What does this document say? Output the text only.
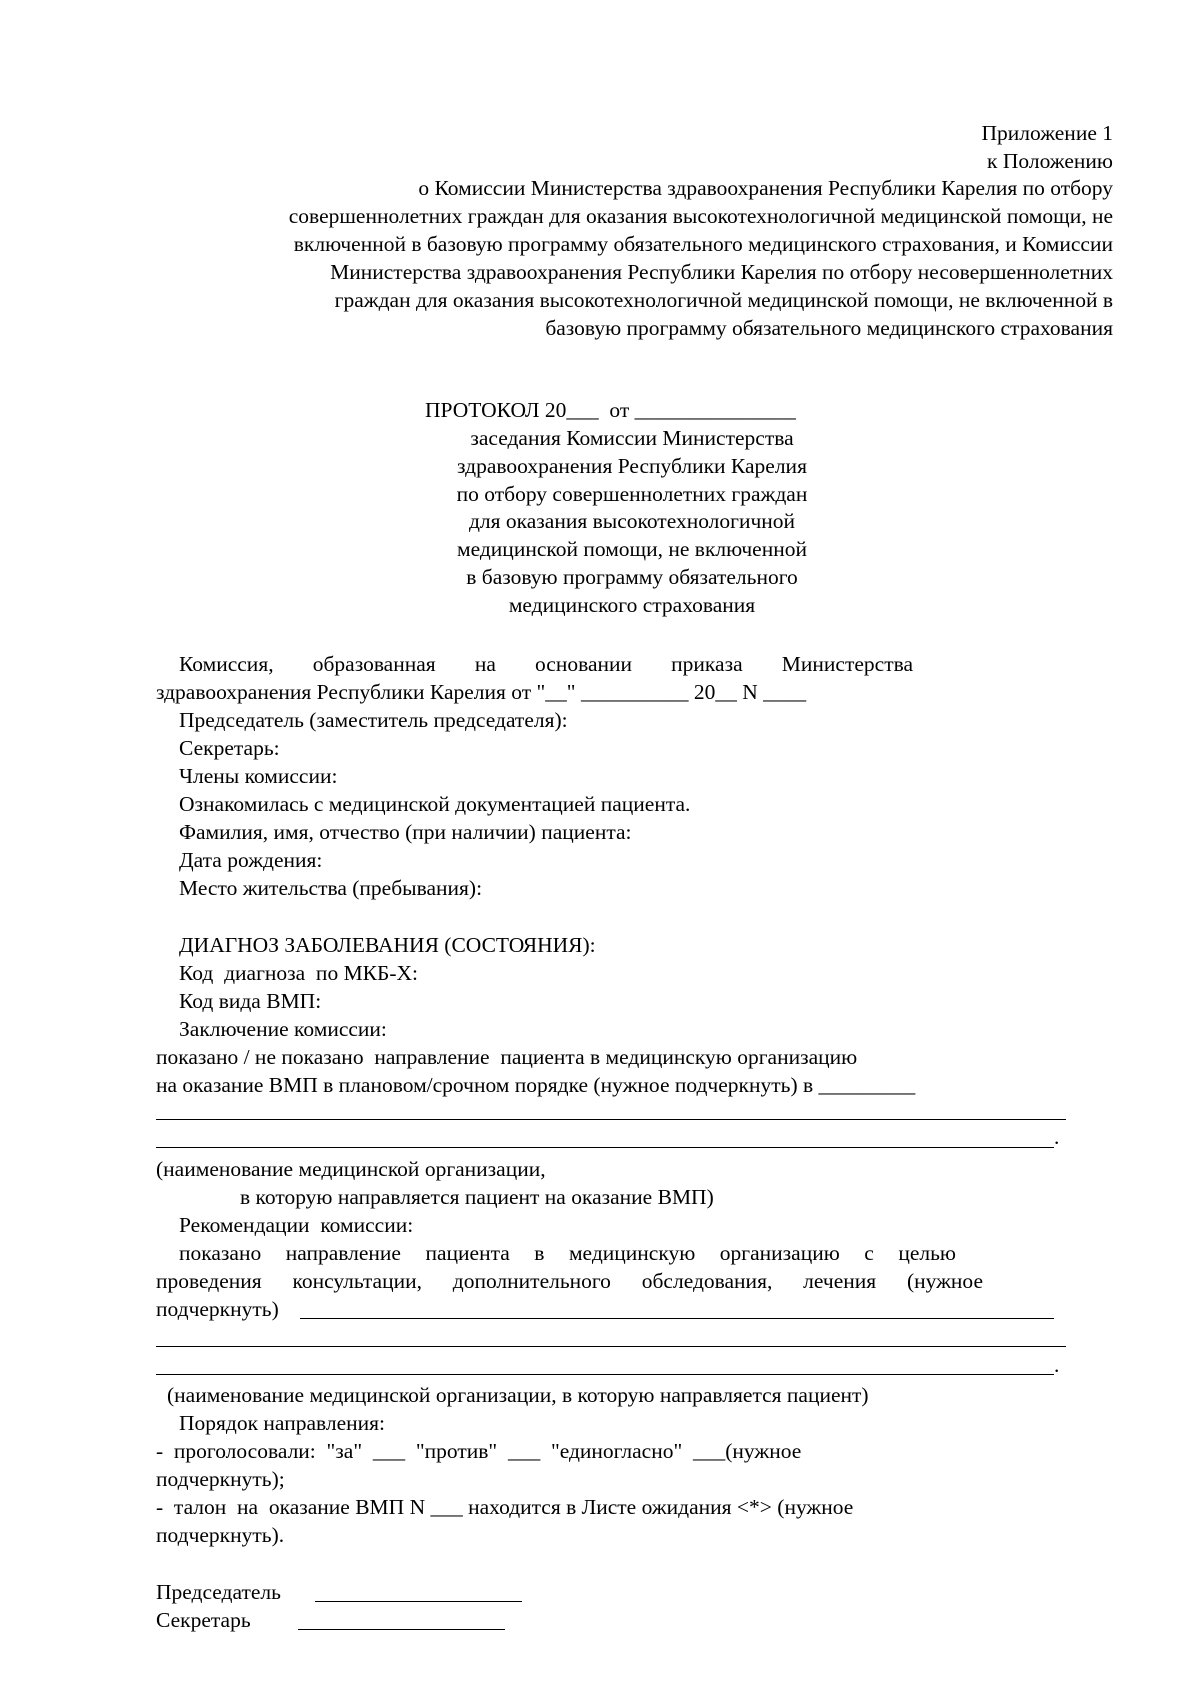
Приложение 1
к Положению
о Комиссии Министерства здравоохранения Республики Карелия по отбору
совершеннолетних граждан для оказания высокотехнологичной медицинской помощи, не
включенной в базовую программу обязательного медицинского страхования, и Комиссии
Министерства здравоохранения Республики Карелия по отбору несовершеннолетних
граждан для оказания высокотехнологичной медицинской помощи, не включенной в
базовую программу обязательного медицинского страхования
ПРОТОКОЛ 20___  от _______________
заседания Комиссии Министерства
здравоохранения Республики Карелия
по отбору совершеннолетних граждан
для оказания высокотехнологичной
медицинской помощи, не включенной
в базовую программу обязательного
медицинского страхования
Комиссия, образованная на основании приказа Министерства
здравоохранения Республики Карелия от "__" __________ 20__ N ____
Председатель (заместитель председателя):
Секретарь:
Члены комиссии:
Ознакомилась с медицинской документацией пациента.
Фамилия, имя, отчество (при наличии) пациента:
Дата рождения:
Место жительства (пребывания):
ДИАГНОЗ ЗАБОЛЕВАНИЯ (СОСТОЯНИЯ):
Код  диагноза  по МКБ-Х:
Код вида ВМП:
Заключение комиссии:
показано / не показано  направление  пациента в медицинскую организацию
на оказание ВМП в плановом/срочном порядке (нужное подчеркнуть) в _________
.
(наименование медицинской организации,
в которую направляется пациент на оказание ВМП)
Рекомендации  комиссии:
показано направление пациента в медицинскую организацию с целью
проведения консультации, дополнительного обследования, лечения (нужное
подчеркнуть)
.
(наименование медицинской организации, в которую направляется пациент)
Порядок направления:
-  проголосовали:  "за"  ___  "против"  ___  "единогласно"  ___(нужное
подчеркнуть);
-  талон  на  оказание ВМП N ___ находится в Листе ожидания <*> (нужное
подчеркнуть).
Председатель
Секретарь
